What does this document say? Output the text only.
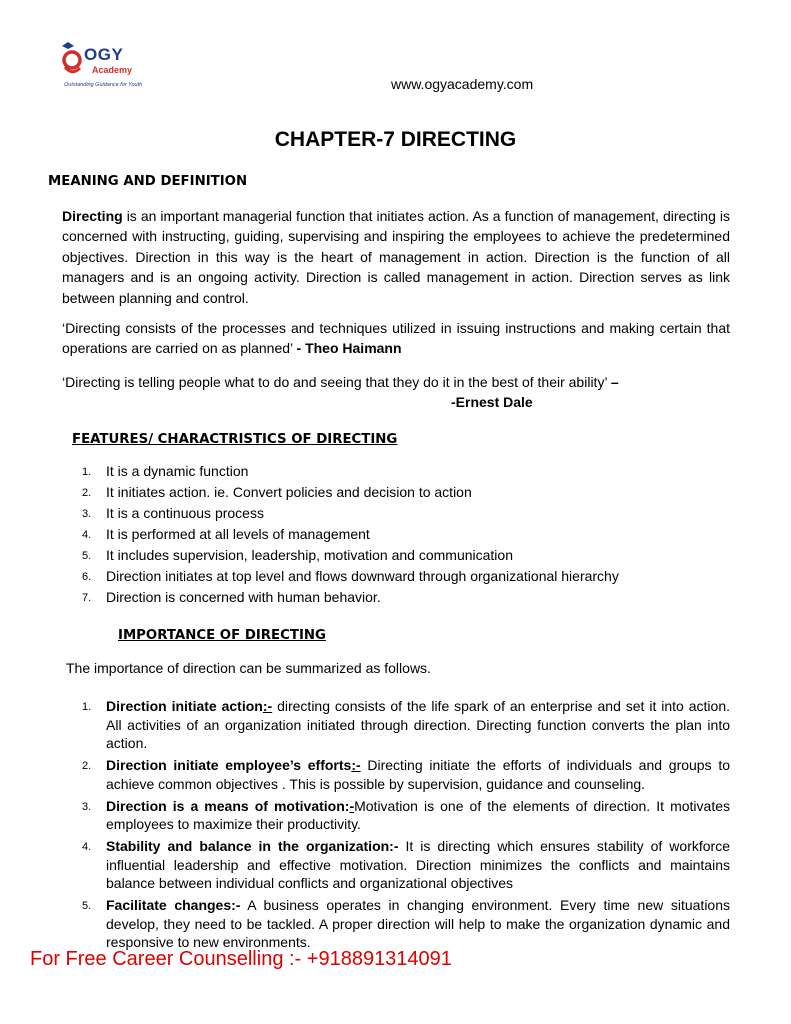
OGY
Academy
Outstanding Guidance for Youth	www.ogyacademy.com
CHAPTER-7 DIRECTING
MEANING AND DEFINITION

Directing is an important managerial function that initiates action. As a function of management, directing is concerned with instructing, guiding, supervising and inspiring the employees to achieve the predetermined objectives. Direction in this way is the heart of management in action. Direction is the function of all managers and is an ongoing activity. Direction is called management in action. Direction serves as link between planning and control.

‘Directing consists of the processes and techniques utilized in issuing instructions and making certain that operations are carried on as planned’ - Theo Haimann

‘Directing is telling people what to do and seeing that they do it in the best of their ability’ –

-Ernest Dale
FEATURES/ CHARACTRISTICS OF DIRECTING
1. It is a dynamic function
2. It initiates action. ie. Convert policies and decision to action
3. It is a continuous process
4. It is performed at all levels of management
5. It includes supervision, leadership, motivation and communication
6. Direction initiates at top level and flows downward through organizational hierarchy
7. Direction is concerned with human behavior.
IMPORTANCE OF DIRECTING

The importance of direction can be summarized as follows.

1. Direction initiate action:- directing consists of the life spark of an enterprise and set it into action. All activities of an organization initiated through direction. Directing function converts the plan into action.
2. Direction initiate employee’s efforts:- Directing initiate the efforts of individuals and groups to achieve common objectives . This is possible by supervision, guidance and counseling.
3. Direction is a means of motivation:-Motivation is one of the elements of direction. It motivates employees to maximize their productivity.
4. Stability and balance in the organization:- It is directing which ensures stability of workforce influential leadership and effective motivation. Direction minimizes the conflicts and maintains balance between individual conflicts and organizational objectives
5. Facilitate changes:- A business operates in changing environment. Every time new situations develop, they need to be tackled. A proper direction will help to make the organization dynamic and responsive to new environments.
For Free Career Counselling :- +918891314091
